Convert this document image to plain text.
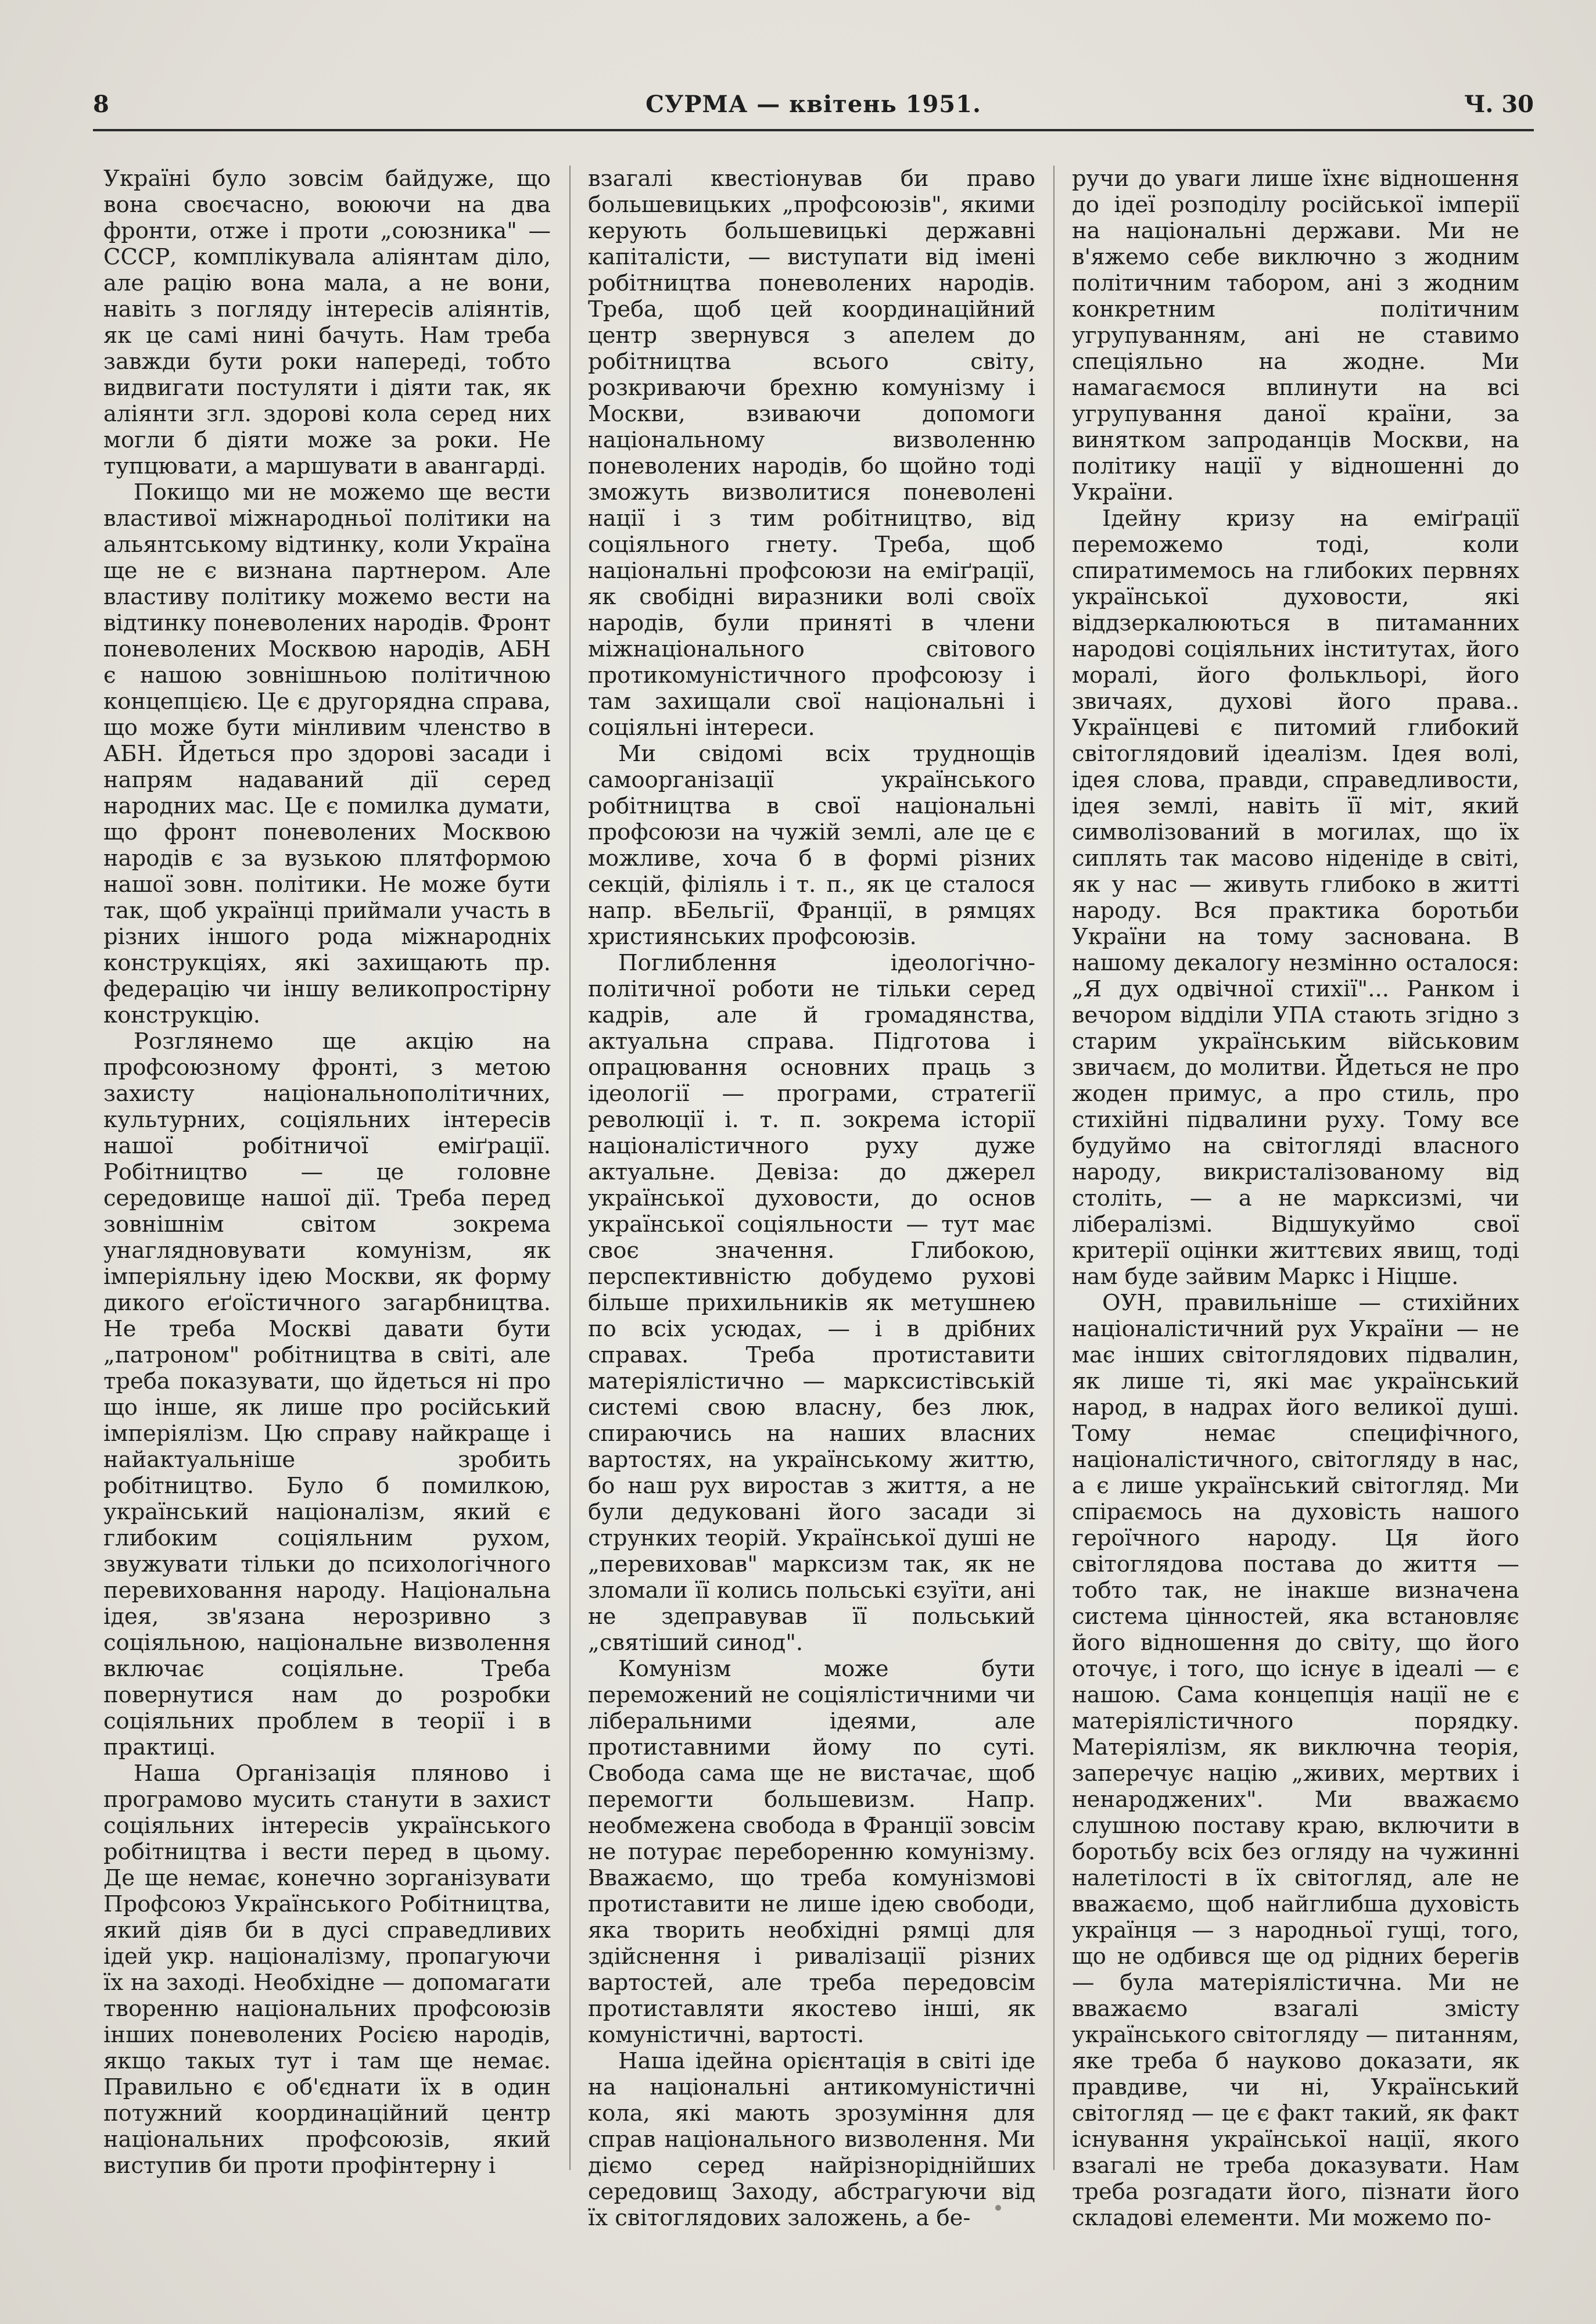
СУРМА — квітень 1951.
8	Ч. 30

Україні було зовсім байдуже, що вона своєчасно, воюючи на два фронти, отже і проти „союзника" — СССР, комплікувала аліянтам діло, але рацію вона мала, а не вони, навіть з погляду інтересів аліянтів, як це самі нині бачуть. Нам треба завжди бути роки напереді, тобто видвигати постуляти і діяти так, як аліянти згл. здорові кола серед них могли б діяти може за роки. Не тупцювати, а маршувати в авангарді.

Покищо ми не можемо ще вести властивої міжнародньої політики на альянтському відтинку, коли Україна ще не є визнана партнером. Але властиву політику можемо вести на відтинку поневолених народів. Фронт поневолених Москвою народів, АБН є нашою зовнішньою політичною концепцією. Це є другорядна справа, що може бути мінливим членство в АБН. Йдеться про здорові засади і напрям надаваний дії серед народних мас. Це є помилка думати, що фронт поневолених Москвою народів є за вузькою плятформою нашої зовн. політики. Не може бути так, щоб українці приймали участь в різних іншого рода міжнародніх конструкціях, які захищають пр. федерацію чи іншу великопростірну конструкцію.

Розглянемо ще акцію на профсоюзному фронті, з метою захисту національнополітичних, культурних, соціяльних інтересів нашої робітничої еміґрації. Робітництво — це головне середовище нашої дії. Треба перед зовнішнім світом зокрема унаглядновувати комунізм, як імперіяльну ідею Москви, як форму дикого еґоїстичного загарбництва. Не треба Москві давати бути „патроном" робітництва в світі, але треба показувати, що йдеться ні про що інше, як лише про російський імперіялізм. Цю справу найкраще і найактуальніше зробить робітництво. Було б помилкою, український націоналізм, який є глибоким соціяльним рухом, звужувати тільки до психологічного перевиховання народу. Національна ідея, зв'язана нерозривно з соціяльною, національне визволення включає соціяльне. Треба повернутися нам до розробки соціяльних проблем в теорії і в практиці.

Наша Організація пляново і програмово мусить станути в захист соціяльних інтересів українського робітництва і вести перед в цьому. Де ще немає, конечно зорганізувати Профсоюз Українського Робітництва, який діяв би в дусі справедливих ідей укр. націоналізму, пропагуючи їх на заході. Необхідне — допомагати творенню національних профсоюзів інших поневолених Росією народів, якщо такых тут і там ще немає. Правильно є об'єднати їх в один потужний координаційний центр національних профсоюзів, який виступив би проти профінтерну і

взагалі квестіонував би право большевицьких „профсоюзів", якими керують большевицькі державні капіталісти, — виступати від імені робітництва поневолених народів. Треба, щоб цей координаційний центр звернувся з апелем до робітництва всього світу, розкриваючи брехню комунізму і Москви, взиваючи допомоги національному визволенню поневолених народів, бо щойно тоді зможуть визволитися поневолені нації і з тим робітництво, від соціяльного гнету. Треба, щоб національні профсоюзи на еміґрації, як свобідні виразники волі своїх народів, були приняті в члени міжнаціонального світового протикомуністичного профсоюзу і там захищали свої національні і соціяльні інтереси.

Ми свідомі всіх труднощів самоорганізації українського робітництва в свої національні профсоюзи на чужій землі, але це є можливе, хоча б в формі різних секцій, філіяль і т. п., як це сталося напр. вБельгії, Франції, в рямцях християнських профсоюзів.

Поглиблення ідеологічно-політичної роботи не тільки серед кадрів, але й громадянства, актуальна справа. Підготова і опрацювання основних праць з ідеології — програми, стратегії революції і. т. п. зокрема історії націоналістичного руху дуже актуальне. Девіза: до джерел української духовости, до основ української соціяльности — тут має своє значення. Глибокою, перспективністю добудемо рухові більше прихильників як метушнею по всіх усюдах, — і в дрібних справах. Треба протиставити матеріялістично — марксистівській системі свою власну, без люк, спираючись на наших власних вартостях, на українському життю, бо наш рух виростав з життя, а не були дедуковані його засади зі струнких теорій. Української душі не „перевиховав" марксизм так, як не зломали її колись польські єзуїти, ані не здеправував її польський „святіший синод".

Комунізм може бути переможений не соціялістичними чи ліберальними ідеями, але протиставними йому по суті. Свобода сама ще не вистачає, щоб перемогти большевизм. Напр. необмежена свобода в Франції зовсім не потурає переборенню комунізму. Вважаємо, що треба комунізмові протиставити не лише ідею свободи, яка творить необхідні рямці для здійснення і ривалізації різних вартостей, але треба передовсім протиставляти якостево інші, як комуністичні, вартості.

Наша ідейна орієнтація в світі іде на національні антикомуністичні кола, які мають зрозуміння для справ національного визволення. Ми діємо серед найрізноріднійших середовищ Заходу, абстрагуючи від їх світоглядових заложень, а бе-

ручи до уваги лише їхнє відношення до ідеї розподілу російської імперії на національні держави. Ми не в'яжемо себе виключно з жодним політичним табором, ані з жодним конкретним політичним угрупуванням, ані не ставимо спеціяльно на жодне. Ми намагаємося вплинути на всі угрупування даної країни, за винятком запроданців Москви, на політику нації у відношенні до України.

Ідейну кризу на еміґрації переможемо тоді, коли спиратимемось на глибоких первнях української духовости, які віддзеркалюються в питаманних народові соціяльних інститутах, його моралі, його фолькльорі, його звичаях, духові його права.. Українцеві є питомий глибокий світоглядовий ідеалізм. Ідея волі, ідея слова, правди, справедливости, ідея землі, навіть її міт, який символізований в могилах, що їх сиплять так масово ніденіде в світі, як у нас — живуть глибоко в житті народу. Вся практика боротьби України на тому заснована. В нашому декалогу незмінно осталося: „Я дух одвічної стихії"... Ранком і вечором відділи УПА стають згідно з старим українським військовим звичаєм, до молитви. Йдеться не про жоден примус, а про стиль, про стихійні підвалини руху. Тому все будуймо на світогляді власного народу, викристалізованому від століть, — а не марксизмі, чи лібералізмі. Відшукуймо свої критерії оцінки життєвих явищ, тоді нам буде зайвим Маркс і Ніцше.

ОУН, правильніше — стихійних націоналістичний рух України — не має інших світоглядових підвалин, як лише ті, які має український народ, в надрах його великої душі. Тому немає специфічного, націоналістичного, світогляду в нас, а є лише український світогляд. Ми спіраємось на духовість нашого героїчного народу. Ця його світоглядова постава до життя — тобто так, не інакше визначена система цінностей, яка встановляє його відношення до світу, що його оточує, і того, що існує в ідеалі — є нашою. Сама концепція нації не є матеріялістичного порядку. Матеріялізм, як виключна теорія, заперечує націю „живих, мертвих і ненароджених". Ми вважаємо слушною поставу краю, включити в боротьбу всіх без огляду на чужинні налетілості в їх світогляд, але не вважаємо, щоб найглибша духовість українця — з народньої гущі, того, що не одбився ще од рідних берегів — була матеріялістична. Ми не вважаємо взагалі змісту українського світогляду — питанням, яке треба б науково доказати, як правдиве, чи ні, Український світогляд — це є факт такий, як факт існування української нації, якого взагалі не треба доказувати. Нам треба розгадати його, пізнати його складові елементи. Ми можемо по-
